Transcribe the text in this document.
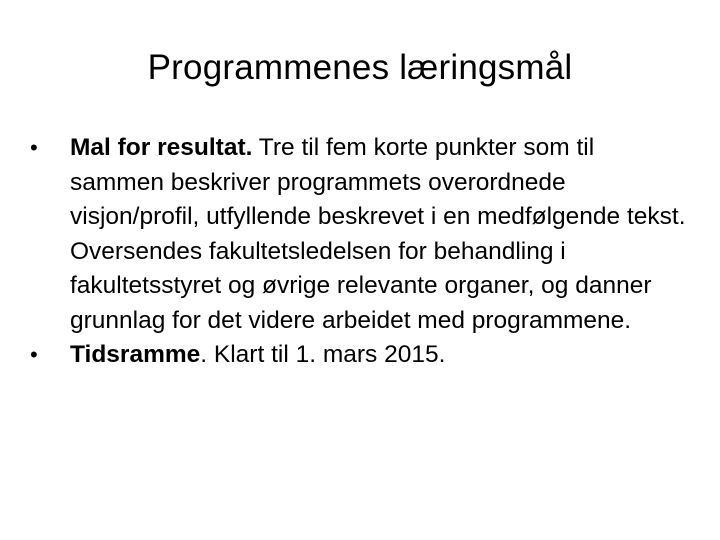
Programmenes læringsmål
•	Mal for resultat. Tre til fem korte punkter som til sammen beskriver programmets overordnede visjon/profil, utfyllende beskrevet i en medfølgende tekst. Oversendes fakultetsledelsen for behandling i fakultetsstyret og øvrige relevante organer, og danner grunnlag for det videre arbeidet med programmene.
•	Tidsramme. Klart til 1. mars 2015.
